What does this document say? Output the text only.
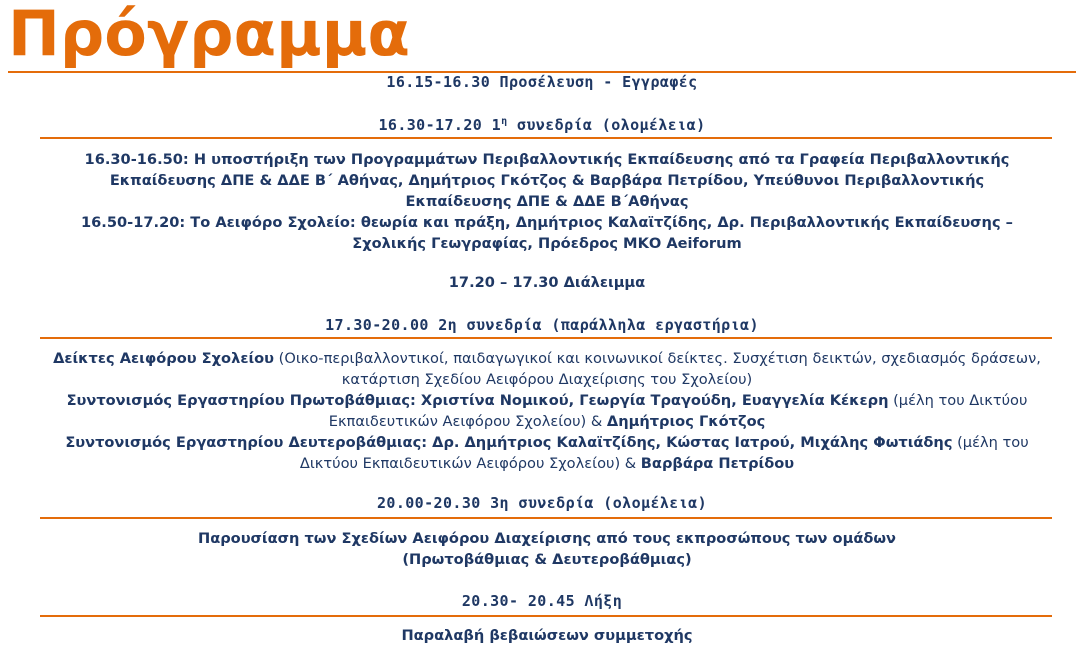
Πρόγραμμα
16.15-16.30 Προσέλευση - Εγγραφές
16.30-17.20 $1^\eta$ συνεδρία (ολομέλεια)
16.30-16.50: Η υποστήριξη των Προγραμμάτων Περιβαλλοντικής Εκπαίδευσης από τα Γραφεία Περιβαλλοντικής
Εκπαίδευσης ΔΠΕ & ΔΔΕ Β΄ Αθήνας, Δημήτριος Γκότζος & Βαρβάρα Πετρίδου, Υπεύθυνοι Περιβαλλοντικής
Εκπαίδευσης ΔΠΕ & ΔΔΕ Β΄Αθήνας
16.50-17.20: Το Αειφόρο Σχολείο: θεωρία και πράξη, Δημήτριος Καλαϊτζίδης, Δρ. Περιβαλλοντικής Εκπαίδευσης –
Σχολικής Γεωγραφίας, Πρόεδρος ΜΚΟ Aeiforum
17.20 – 17.30 Διάλειμμα
17.30-20.00 2η συνεδρία (παράλληλα εργαστήρια)
Δείκτες Αειφόρου Σχολείου (Οικο-περιβαλλοντικοί, παιδαγωγικοί και κοινωνικοί δείκτες. Συσχέτιση δεικτών, σχεδιασμός δράσεων,
κατάρτιση Σχεδίου Αειφόρου Διαχείρισης του Σχολείου)
Συντονισμός Εργαστηρίου Πρωτοβάθμιας: Χριστίνα Νομικού, Γεωργία Τραγούδη, Ευαγγελία Κέκερη (μέλη του Δικτύου
Εκπαιδευτικών Αειφόρου Σχολείου) & Δημήτριος Γκότζος
Συντονισμός Εργαστηρίου Δευτεροβάθμιας: Δρ. Δημήτριος Καλαϊτζίδης, Κώστας Ιατρού, Μιχάλης Φωτιάδης (μέλη του
Δικτύου Εκπαιδευτικών Αειφόρου Σχολείου) & Βαρβάρα Πετρίδου
20.00-20.30 3η συνεδρία (ολομέλεια)
Παρουσίαση των Σχεδίων Αειφόρου Διαχείρισης από τους εκπροσώπους των ομάδων
(Πρωτοβάθμιας & Δευτεροβάθμιας)
20.30- 20.45 Λήξη
Παραλαβή βεβαιώσεων συμμετοχής
